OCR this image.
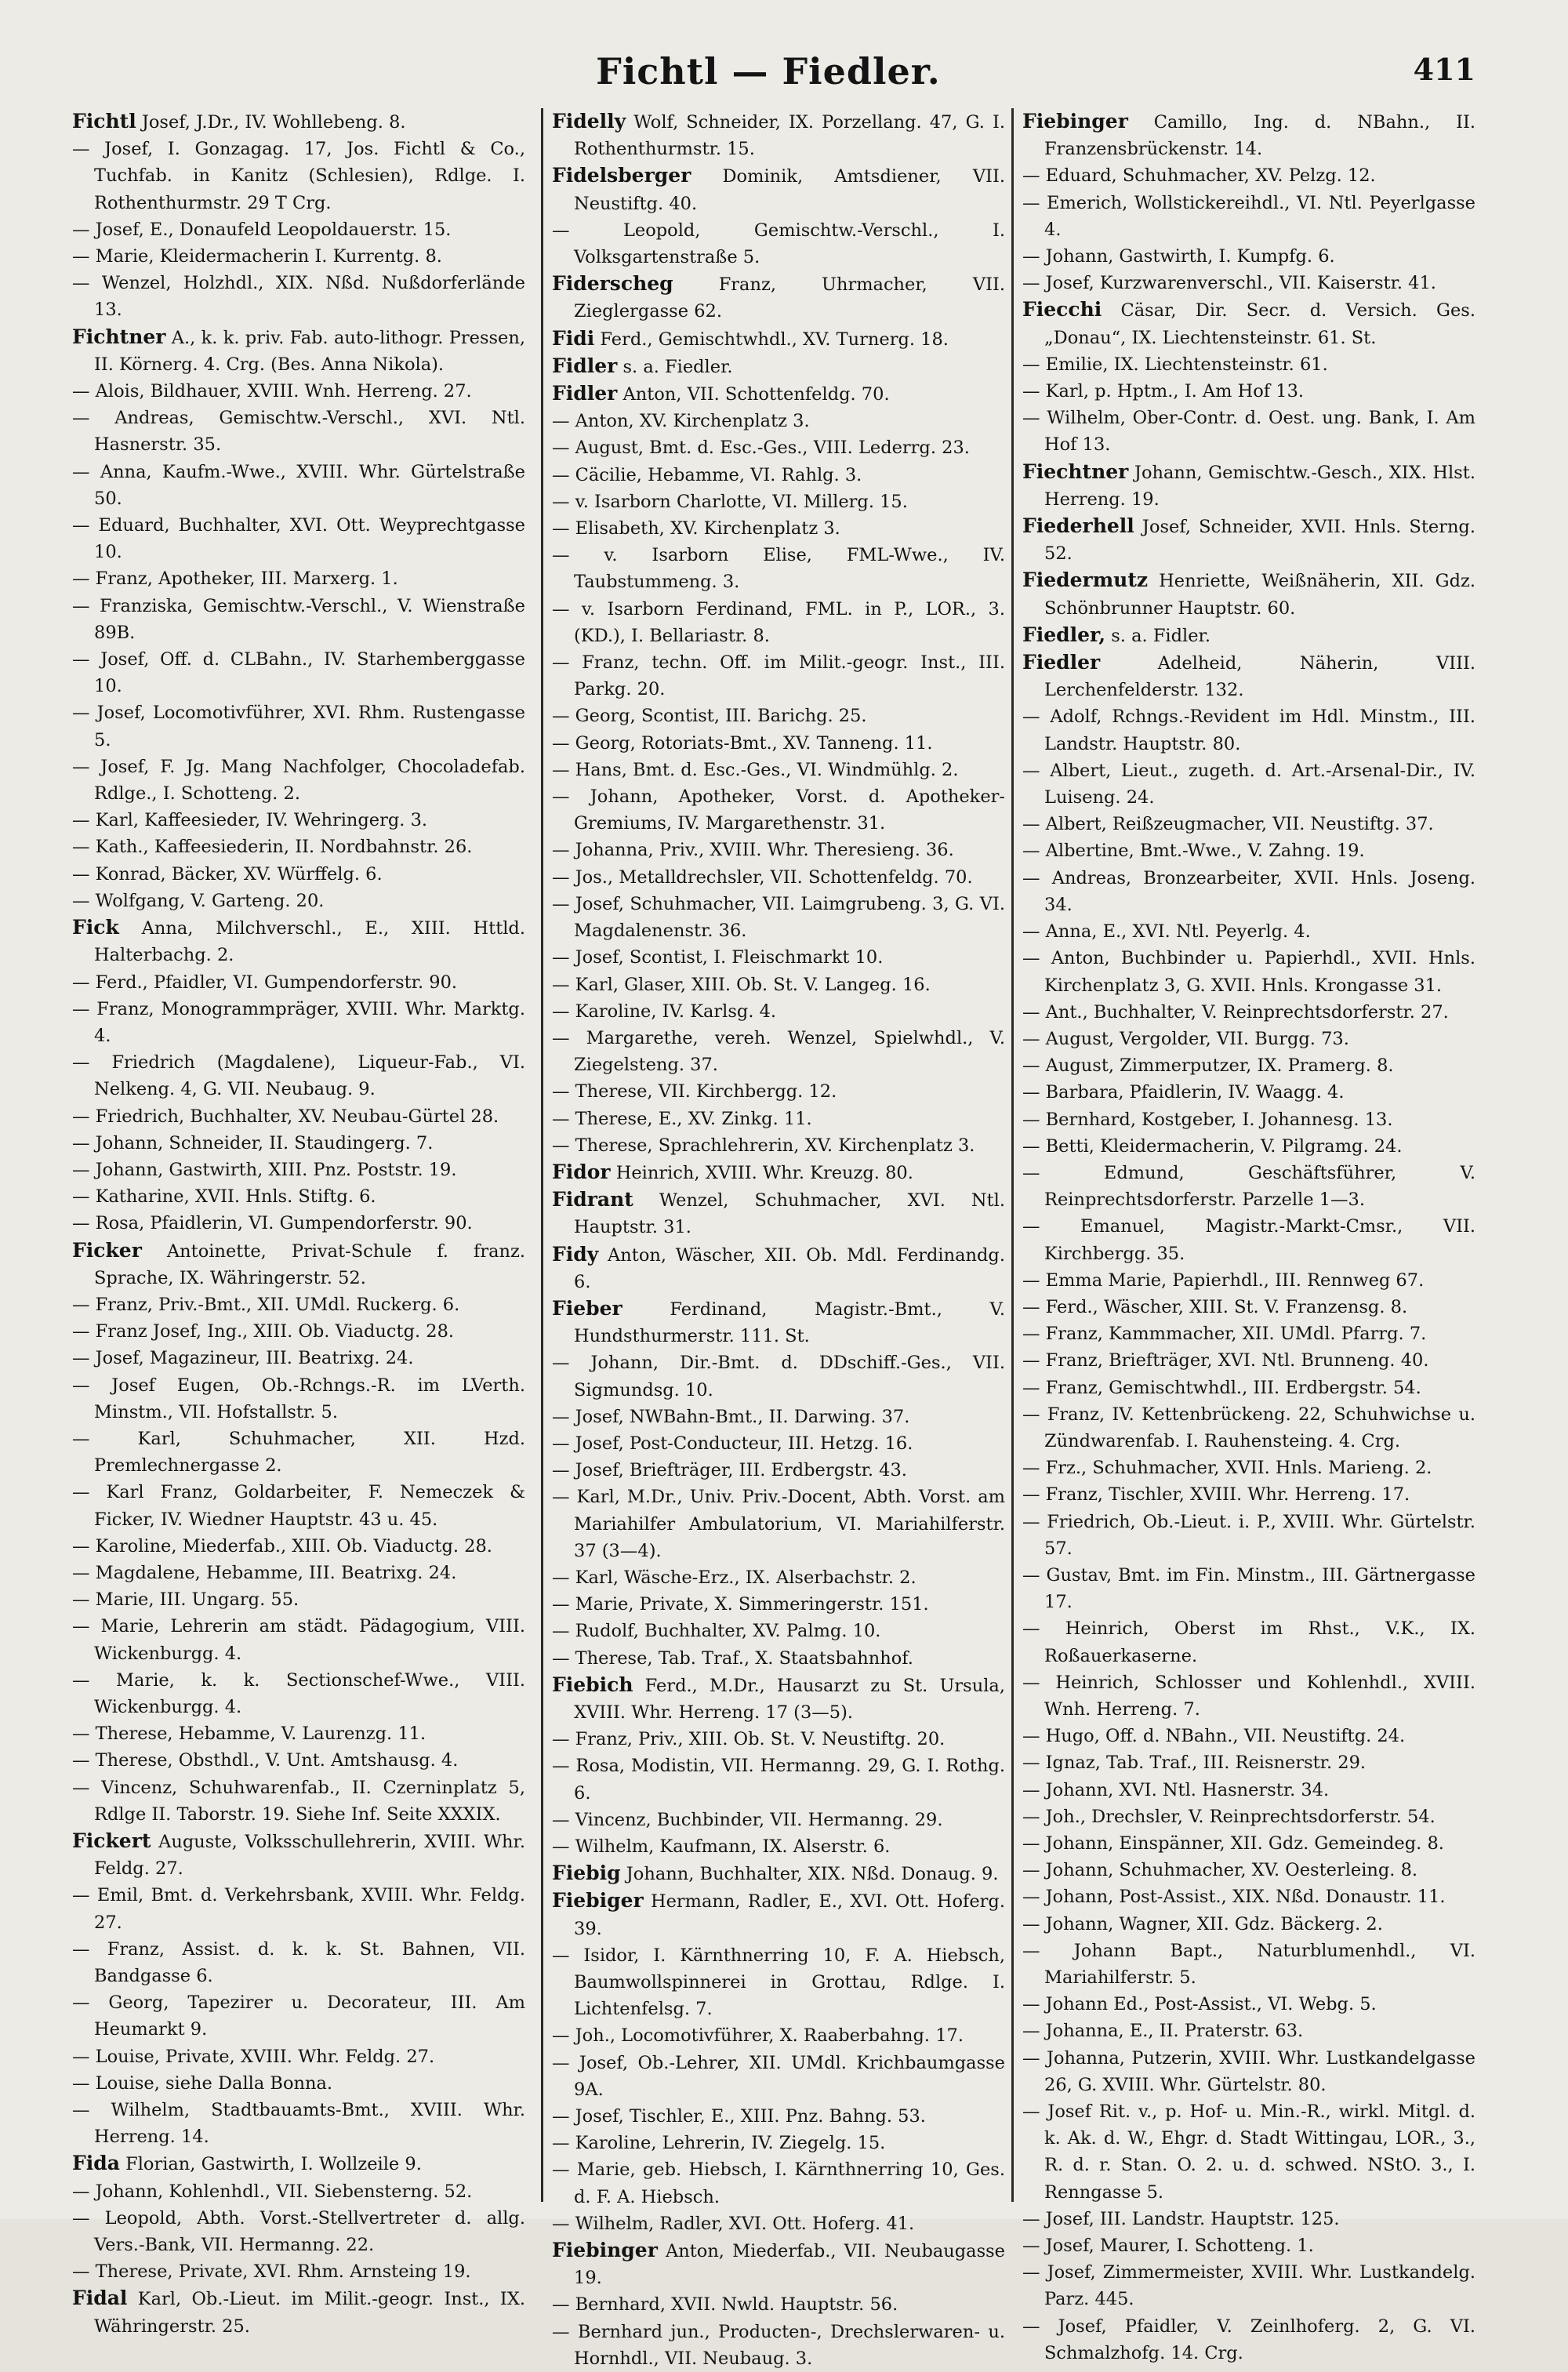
Fichtl — Fiedler.	411

Fichtl Josef, J.Dr., IV. Wohllebeng. 8.

— Josef, I. Gonzagag. 17, Jos. Fichtl & Co., Tuchfab. in Kanitz (Schlesien), Rdlge. I. Rothenthurmstr. 29 T Crg.

— Josef, E., Donaufeld Leopoldauerstr. 15.

— Marie, Kleidermacherin I. Kurrentg. 8.

— Wenzel, Holzhdl., XIX. Nßd. Nußdorferlände 13.

Fichtner A., k. k. priv. Fab. auto-lithogr. Pressen, II. Körnerg. 4. Crg. (Bes. Anna Nikola).

— Alois, Bildhauer, XVIII. Wnh. Herreng. 27.

— Andreas, Gemischtw.-Verschl., XVI. Ntl. Hasnerstr. 35.

— Anna, Kaufm.-Wwe., XVIII. Whr. Gürtelstraße 50.

— Eduard, Buchhalter, XVI. Ott. Weyprechtgasse 10.

— Franz, Apotheker, III. Marxerg. 1.

— Franziska, Gemischtw.-Verschl., V. Wienstraße 89B.

— Josef, Off. d. CLBahn., IV. Starhemberggasse 10.

— Josef, Locomotivführer, XVI. Rhm. Rustengasse 5.

— Josef, F. Jg. Mang Nachfolger, Chocoladefab. Rdlge., I. Schotteng. 2.

— Karl, Kaffeesieder, IV. Wehringerg. 3.

— Kath., Kaffeesiederin, II. Nordbahnstr. 26.

— Konrad, Bäcker, XV. Würffelg. 6.

— Wolfgang, V. Garteng. 20.

Fick Anna, Milchverschl., E., XIII. Httld. Halterbachg. 2.

— Ferd., Pfaidler, VI. Gumpendorferstr. 90.

— Franz, Monogrammpräger, XVIII. Whr. Marktg. 4.

— Friedrich (Magdalene), Liqueur-Fab., VI. Nelkeng. 4, G. VII. Neubaug. 9.

— Friedrich, Buchhalter, XV. Neubau-Gürtel 28.

— Johann, Schneider, II. Staudingerg. 7.

— Johann, Gastwirth, XIII. Pnz. Poststr. 19.

— Katharine, XVII. Hnls. Stiftg. 6.

— Rosa, Pfaidlerin, VI. Gumpendorferstr. 90.

Ficker Antoinette, Privat-Schule f. franz. Sprache, IX. Währingerstr. 52.

— Franz, Priv.-Bmt., XII. UMdl. Ruckerg. 6.

— Franz Josef, Ing., XIII. Ob. Viaductg. 28.

— Josef, Magazineur, III. Beatrixg. 24.

— Josef Eugen, Ob.-Rchngs.-R. im LVerth. Minstm., VII. Hofstallstr. 5.

— Karl, Schuhmacher, XII. Hzd. Premlechnergasse 2.

— Karl Franz, Goldarbeiter, F. Nemeczek & Ficker, IV. Wiedner Hauptstr. 43 u. 45.

— Karoline, Miederfab., XIII. Ob. Viaductg. 28.

— Magdalene, Hebamme, III. Beatrixg. 24.

— Marie, III. Ungarg. 55.

— Marie, Lehrerin am städt. Pädagogium, VIII. Wickenburgg. 4.

— Marie, k. k. Sectionschef-Wwe., VIII. Wickenburgg. 4.

— Therese, Hebamme, V. Laurenzg. 11.

— Therese, Obsthdl., V. Unt. Amtshausg. 4.

— Vincenz, Schuhwarenfab., II. Czerninplatz 5, Rdlge II. Taborstr. 19. Siehe Inf. Seite XXXIX.

Fickert Auguste, Volksschullehrerin, XVIII. Whr. Feldg. 27.

— Emil, Bmt. d. Verkehrsbank, XVIII. Whr. Feldg. 27.

— Franz, Assist. d. k. k. St. Bahnen, VII. Bandgasse 6.

— Georg, Tapezirer u. Decorateur, III. Am Heumarkt 9.

— Louise, Private, XVIII. Whr. Feldg. 27.

— Louise, siehe Dalla Bonna.

— Wilhelm, Stadtbauamts-Bmt., XVIII. Whr. Herreng. 14.

Fida Florian, Gastwirth, I. Wollzeile 9.

— Johann, Kohlenhdl., VII. Siebensterng. 52.

— Leopold, Abth. Vorst.-Stellvertreter d. allg. Vers.-Bank, VII. Hermanng. 22.

— Therese, Private, XVI. Rhm. Arnsteing 19.

Fidal Karl, Ob.-Lieut. im Milit.-geogr. Inst., IX. Währingerstr. 25.

Fidelly Wolf, Schneider, IX. Porzellang. 47, G. I. Rothenthurmstr. 15.

Fidelsberger Dominik, Amtsdiener, VII. Neustiftg. 40.

— Leopold, Gemischtw.-Verschl., I. Volksgartenstraße 5.

Fiderscheg Franz, Uhrmacher, VII. Zieglergasse 62.

Fidi Ferd., Gemischtwhdl., XV. Turnerg. 18.

Fidler s. a. Fiedler.

Fidler Anton, VII. Schottenfeldg. 70.

— Anton, XV. Kirchenplatz 3.

— August, Bmt. d. Esc.-Ges., VIII. Lederrg. 23.

— Cäcilie, Hebamme, VI. Rahlg. 3.

— v. Isarborn Charlotte, VI. Millerg. 15.

— Elisabeth, XV. Kirchenplatz 3.

— v. Isarborn Elise, FML-Wwe., IV. Taubstummeng. 3.

— v. Isarborn Ferdinand, FML. in P., LOR., 3. (KD.), I. Bellariastr. 8.

— Franz, techn. Off. im Milit.-geogr. Inst., III. Parkg. 20.

— Georg, Scontist, III. Barichg. 25.

— Georg, Rotoriats-Bmt., XV. Tanneng. 11.

— Hans, Bmt. d. Esc.-Ges., VI. Windmühlg. 2.

— Johann, Apotheker, Vorst. d. Apotheker-Gremiums, IV. Margarethenstr. 31.

— Johanna, Priv., XVIII. Whr. Theresieng. 36.

— Jos., Metalldrechsler, VII. Schottenfeldg. 70.

— Josef, Schuhmacher, VII. Laimgrubeng. 3, G. VI. Magdalenenstr. 36.

— Josef, Scontist, I. Fleischmarkt 10.

— Karl, Glaser, XIII. Ob. St. V. Langeg. 16.

— Karoline, IV. Karlsg. 4.

— Margarethe, vereh. Wenzel, Spielwhdl., V. Ziegelsteng. 37.

— Therese, VII. Kirchbergg. 12.

— Therese, E., XV. Zinkg. 11.

— Therese, Sprachlehrerin, XV. Kirchenplatz 3.

Fidor Heinrich, XVIII. Whr. Kreuzg. 80.

Fidrant Wenzel, Schuhmacher, XVI. Ntl. Hauptstr. 31.

Fidy Anton, Wäscher, XII. Ob. Mdl. Ferdinandg. 6.

Fieber Ferdinand, Magistr.-Bmt., V. Hundsthurmerstr. 111. St.

— Johann, Dir.-Bmt. d. DDschiff.-Ges., VII. Sigmundsg. 10.

— Josef, NWBahn-Bmt., II. Darwing. 37.

— Josef, Post-Conducteur, III. Hetzg. 16.

— Josef, Briefträger, III. Erdbergstr. 43.

— Karl, M.Dr., Univ. Priv.-Docent, Abth. Vorst. am Mariahilfer Ambulatorium, VI. Mariahilferstr. 37 (3—4).

— Karl, Wäsche-Erz., IX. Alserbachstr. 2.

— Marie, Private, X. Simmeringerstr. 151.

— Rudolf, Buchhalter, XV. Palmg. 10.

— Therese, Tab. Traf., X. Staatsbahnhof.

Fiebich Ferd., M.Dr., Hausarzt zu St. Ursula, XVIII. Whr. Herreng. 17 (3—5).

— Franz, Priv., XIII. Ob. St. V. Neustiftg. 20.

— Rosa, Modistin, VII. Hermanng. 29, G. I. Rothg. 6.

— Vincenz, Buchbinder, VII. Hermanng. 29.

— Wilhelm, Kaufmann, IX. Alserstr. 6.

Fiebig Johann, Buchhalter, XIX. Nßd. Donaug. 9.

Fiebiger Hermann, Radler, E., XVI. Ott. Hoferg. 39.

— Isidor, I. Kärnthnerring 10, F. A. Hiebsch, Baumwollspinnerei in Grottau, Rdlge. I. Lichtenfelsg. 7.

— Joh., Locomotivführer, X. Raaberbahng. 17.

— Josef, Ob.-Lehrer, XII. UMdl. Krichbaumgasse 9A.

— Josef, Tischler, E., XIII. Pnz. Bahng. 53.

— Karoline, Lehrerin, IV. Ziegelg. 15.

— Marie, geb. Hiebsch, I. Kärnthnerring 10, Ges. d. F. A. Hiebsch.

— Wilhelm, Radler, XVI. Ott. Hoferg. 41.

Fiebinger Anton, Miederfab., VII. Neubaugasse 19.

— Bernhard, XVII. Nwld. Hauptstr. 56.

— Bernhard jun., Producten-, Drechslerwaren- u. Hornhdl., VII. Neubaug. 3.

Fiebinger Camillo, Ing. d. NBahn., II. Franzensbrückenstr. 14.

— Eduard, Schuhmacher, XV. Pelzg. 12.

— Emerich, Wollstickereihdl., VI. Ntl. Peyerlgasse 4.

— Johann, Gastwirth, I. Kumpfg. 6.

— Josef, Kurzwarenverschl., VII. Kaiserstr. 41.

Fiecchi Cäsar, Dir. Secr. d. Versich. Ges. „Donau“, IX. Liechtensteinstr. 61. St.

— Emilie, IX. Liechtensteinstr. 61.

— Karl, p. Hptm., I. Am Hof 13.

— Wilhelm, Ober-Contr. d. Oest. ung. Bank, I. Am Hof 13.

Fiechtner Johann, Gemischtw.-Gesch., XIX. Hlst. Herreng. 19.

Fiederhell Josef, Schneider, XVII. Hnls. Sterng. 52.

Fiedermutz Henriette, Weißnäherin, XII. Gdz. Schönbrunner Hauptstr. 60.

Fiedler, s. a. Fidler.

Fiedler Adelheid, Näherin, VIII. Lerchenfelderstr. 132.

— Adolf, Rchngs.-Revident im Hdl. Minstm., III. Landstr. Hauptstr. 80.

— Albert, Lieut., zugeth. d. Art.-Arsenal-Dir., IV. Luiseng. 24.

— Albert, Reißzeugmacher, VII. Neustiftg. 37.

— Albertine, Bmt.-Wwe., V. Zahng. 19.

— Andreas, Bronzearbeiter, XVII. Hnls. Joseng. 34.

— Anna, E., XVI. Ntl. Peyerlg. 4.

— Anton, Buchbinder u. Papierhdl., XVII. Hnls. Kirchenplatz 3, G. XVII. Hnls. Krongasse 31.

— Ant., Buchhalter, V. Reinprechtsdorferstr. 27.

— August, Vergolder, VII. Burgg. 73.

— August, Zimmerputzer, IX. Pramerg. 8.

— Barbara, Pfaidlerin, IV. Waagg. 4.

— Bernhard, Kostgeber, I. Johannesg. 13.

— Betti, Kleidermacherin, V. Pilgramg. 24.

— Edmund, Geschäftsführer, V. Reinprechtsdorferstr. Parzelle 1—3.

— Emanuel, Magistr.-Markt-Cmsr., VII. Kirchbergg. 35.

— Emma Marie, Papierhdl., III. Rennweg 67.

— Ferd., Wäscher, XIII. St. V. Franzensg. 8.

— Franz, Kammmacher, XII. UMdl. Pfarrg. 7.

— Franz, Briefträger, XVI. Ntl. Brunneng. 40.

— Franz, Gemischtwhdl., III. Erdbergstr. 54.

— Franz, IV. Kettenbrückeng. 22, Schuhwichse u. Zündwarenfab. I. Rauhensteing. 4. Crg.

— Frz., Schuhmacher, XVII. Hnls. Marieng. 2.

— Franz, Tischler, XVIII. Whr. Herreng. 17.

— Friedrich, Ob.-Lieut. i. P., XVIII. Whr. Gürtelstr. 57.

— Gustav, Bmt. im Fin. Minstm., III. Gärtnergasse 17.

— Heinrich, Oberst im Rhst., V.K., IX. Roßauerkaserne.

— Heinrich, Schlosser und Kohlenhdl., XVIII. Wnh. Herreng. 7.

— Hugo, Off. d. NBahn., VII. Neustiftg. 24.

— Ignaz, Tab. Traf., III. Reisnerstr. 29.

— Johann, XVI. Ntl. Hasnerstr. 34.

— Joh., Drechsler, V. Reinprechtsdorferstr. 54.

— Johann, Einspänner, XII. Gdz. Gemeindeg. 8.

— Johann, Schuhmacher, XV. Oesterleing. 8.

— Johann, Post-Assist., XIX. Nßd. Donaustr. 11.

— Johann, Wagner, XII. Gdz. Bäckerg. 2.

— Johann Bapt., Naturblumenhdl., VI. Mariahilferstr. 5.

— Johann Ed., Post-Assist., VI. Webg. 5.

— Johanna, E., II. Praterstr. 63.

— Johanna, Putzerin, XVIII. Whr. Lustkandelgasse 26, G. XVIII. Whr. Gürtelstr. 80.

— Josef Rit. v., p. Hof- u. Min.-R., wirkl. Mitgl. d. k. Ak. d. W., Ehgr. d. Stadt Wittingau, LOR., 3., R. d. r. Stan. O. 2. u. d. schwed. NStO. 3., I. Renngasse 5.

— Josef, III. Landstr. Hauptstr. 125.

— Josef, Maurer, I. Schotteng. 1.

— Josef, Zimmermeister, XVIII. Whr. Lustkandelg. Parz. 445.

— Josef, Pfaidler, V. Zeinlhoferg. 2, G. VI. Schmalzhofg. 14. Crg.
